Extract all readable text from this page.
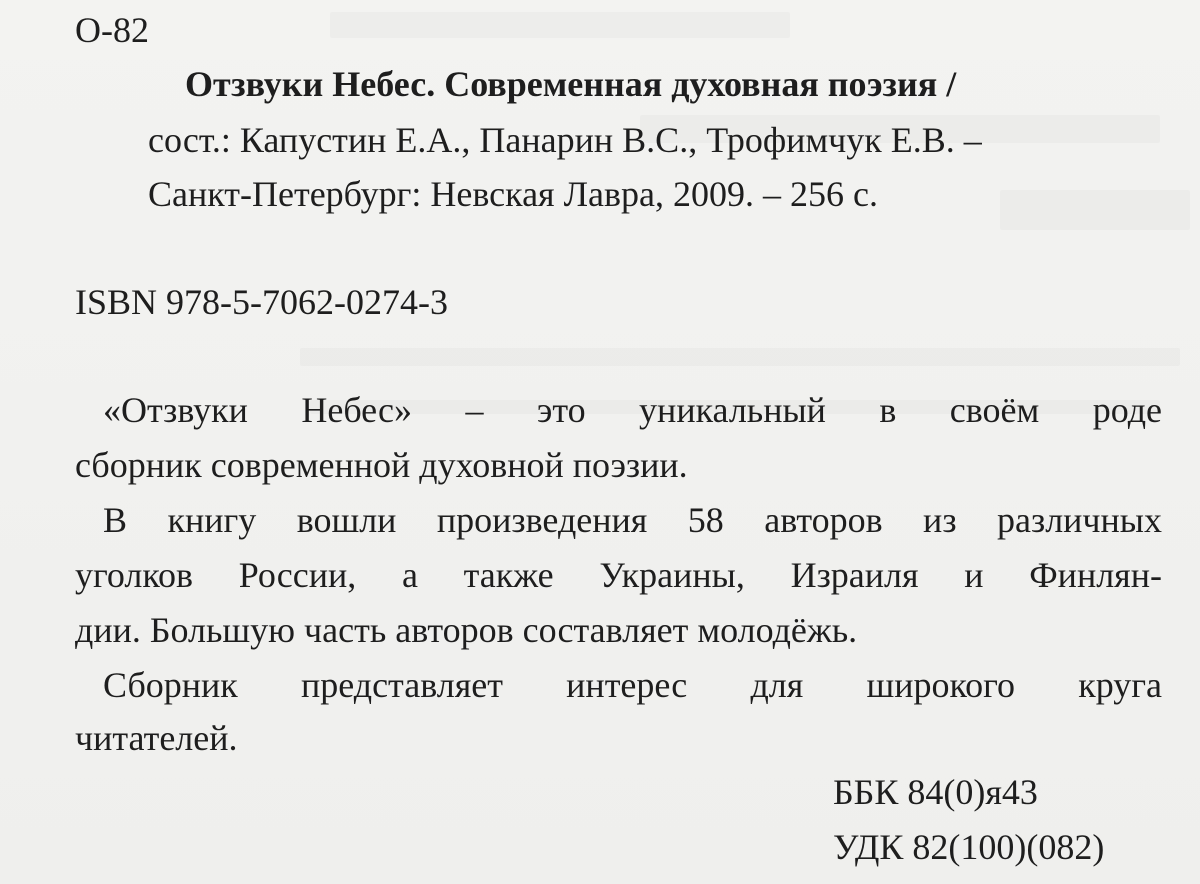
О-82
Отзвуки Небес. Современная духовная поэзия /
сост.: Капустин Е.А., Панарин В.С., Трофимчук Е.В. –
Санкт-Петербург: Невская Лавра, 2009. – 256 с.
ISBN 978-5-7062-0274-3
«Отзвуки Небес» – это уникальный в своём роде
сборник современной духовной поэзии.
В книгу вошли произведения 58 авторов из различных
уголков России, а также Украины, Израиля и Финлян-
дии. Большую часть авторов составляет молодёжь.
Сборник представляет интерес для широкого круга
читателей.
ББК 84(0)я43
УДК 82(100)(082)
